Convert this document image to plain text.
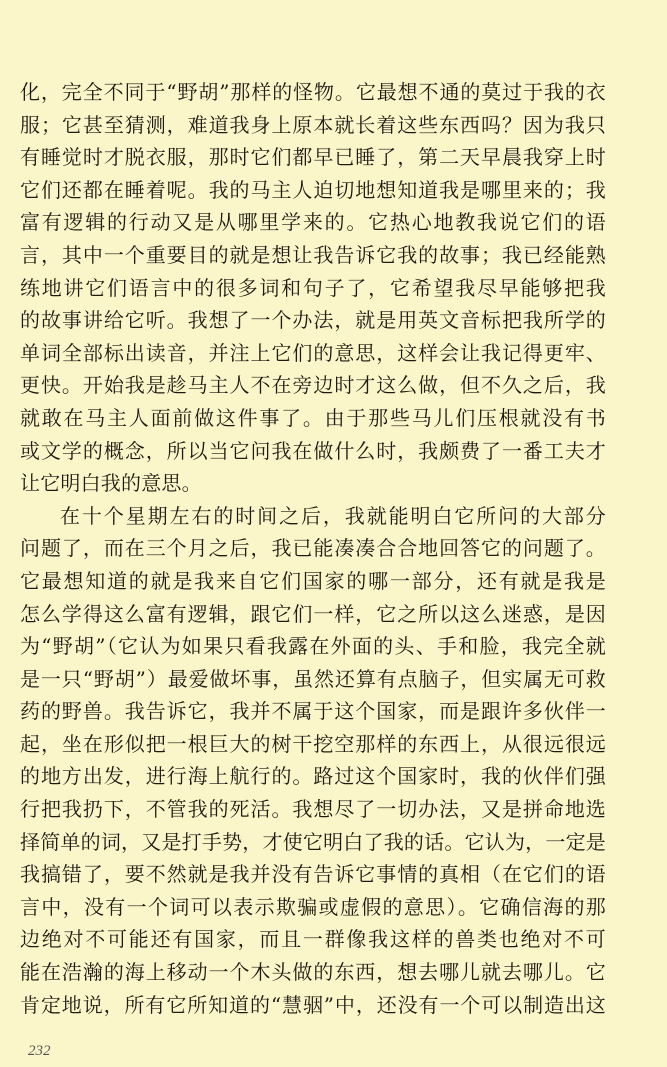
化，完全不同于“野胡”那样的怪物。它最想不通的莫过于我的衣
服；它甚至猜测，难道我身上原本就长着这些东西吗？因为我只
有睡觉时才脱衣服，那时它们都早已睡了，第二天早晨我穿上时
它们还都在睡着呢。我的马主人迫切地想知道我是哪里来的；我
富有逻辑的行动又是从哪里学来的。它热心地教我说它们的语
言，其中一个重要目的就是想让我告诉它我的故事；我已经能熟
练地讲它们语言中的很多词和句子了，它希望我尽早能够把我
的故事讲给它听。我想了一个办法，就是用英文音标把我所学的
单词全部标出读音，并注上它们的意思，这样会让我记得更牢、
更快。开始我是趁马主人不在旁边时才这么做，但不久之后，我
就敢在马主人面前做这件事了。由于那些马儿们压根就没有书
或文学的概念，所以当它问我在做什么时，我颇费了一番工夫才
让它明白我的意思。
在十个星期左右的时间之后，我就能明白它所问的大部分
问题了，而在三个月之后，我已能凑凑合合地回答它的问题了。
它最想知道的就是我来自它们国家的哪一部分，还有就是我是
怎么学得这么富有逻辑，跟它们一样，它之所以这么迷惑，是因
为“野胡”（它认为如果只看我露在外面的头、手和脸，我完全就
是一只“野胡”）最爱做坏事，虽然还算有点脑子，但实属无可救
药的野兽。我告诉它，我并不属于这个国家，而是跟许多伙伴一
起，坐在形似把一根巨大的树干挖空那样的东西上，从很远很远
的地方出发，进行海上航行的。路过这个国家时，我的伙伴们强
行把我扔下，不管我的死活。我想尽了一切办法，又是拼命地选
择简单的词，又是打手势，才使它明白了我的话。它认为，一定是
我搞错了，要不然就是我并没有告诉它事情的真相（在它们的语
言中，没有一个词可以表示欺骗或虚假的意思）。它确信海的那
边绝对不可能还有国家，而且一群像我这样的兽类也绝对不可
能在浩瀚的海上移动一个木头做的东西，想去哪儿就去哪儿。它
肯定地说，所有它所知道的“慧骃”中，还没有一个可以制造出这
232
